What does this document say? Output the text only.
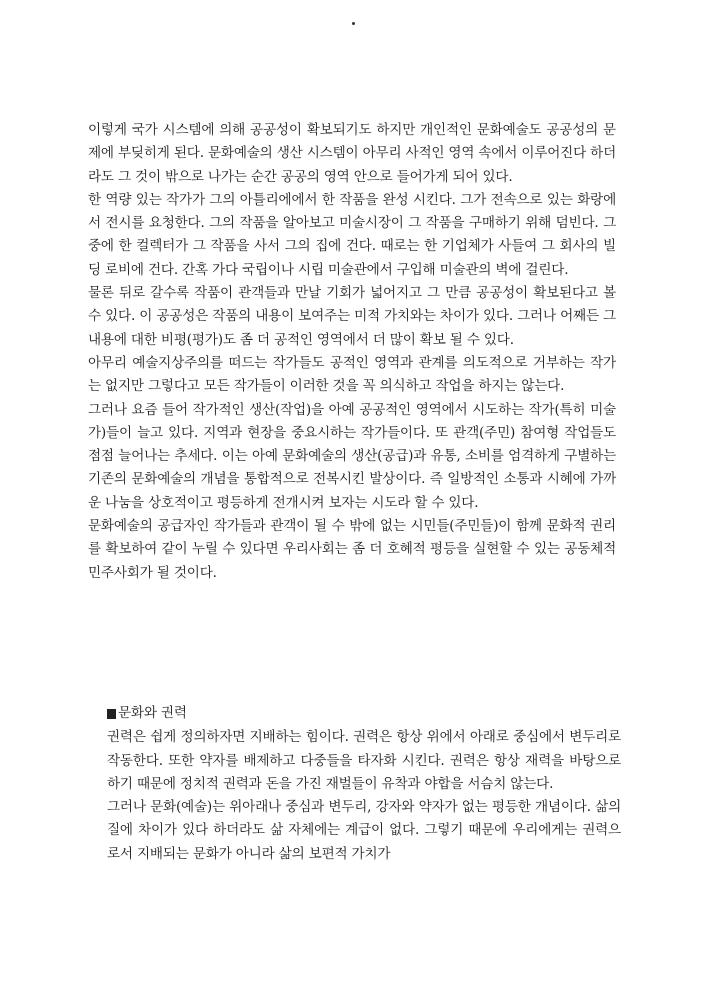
이렇게 국가 시스템에 의해 공공성이 확보되기도 하지만 개인적인 문화예술도 공공성의 문제에 부딪히게 된다. 문화예술의 생산 시스템이 아무리 사적인 영역 속에서 이루어진다 하더라도 그 것이 밖으로 나가는 순간 공공의 영역 안으로 들어가게 되어 있다.

한 역량 있는 작가가 그의 아틀리에에서 한 작품을 완성 시킨다. 그가 전속으로 있는 화랑에서 전시를 요청한다. 그의 작품을 알아보고 미술시장이 그 작품을 구매하기 위해 덤빈다. 그 중에 한 컬렉터가 그 작품을 사서 그의 집에 건다. 때로는 한 기업체가 사들여 그 회사의 빌딩 로비에 건다. 간혹 가다 국립이나 시립 미술관에서 구입해 미술관의 벽에 걸린다.

물론 뒤로 갈수록 작품이 관객들과 만날 기회가 넓어지고 그 만큼 공공성이 확보된다고 볼 수 있다. 이 공공성은 작품의 내용이 보여주는 미적 가치와는 차이가 있다. 그러나 어째든 그 내용에 대한 비평(평가)도 좀 더 공적인 영역에서 더 많이 확보 될 수 있다.

아무리 예술지상주의를 떠드는 작가들도 공적인 영역과 관계를 의도적으로 거부하는 작가는 없지만 그렇다고 모든 작가들이 이러한 것을 꼭 의식하고 작업을 하지는 않는다.

그러나 요즘 들어 작가적인 생산(작업)을 아예 공공적인 영역에서 시도하는 작가(특히 미술가)들이 늘고 있다. 지역과 현장을 중요시하는 작가들이다. 또 관객(주민) 참여형 작업들도 점점 늘어나는 추세다. 이는 아예 문화예술의 생산(공급)과 유통, 소비를 엄격하게 구별하는 기존의 문화예술의 개념을 통합적으로 전복시킨 발상이다. 즉 일방적인 소통과 시혜에 가까운 나눔을 상호적이고 평등하게 전개시켜 보자는 시도라 할 수 있다.

문화예술의 공급자인 작가들과 관객이 될 수 밖에 없는 시민들(주민들)이 함께 문화적 권리를 확보하여 같이 누릴 수 있다면 우리사회는 좀 더 호혜적 평등을 실현할 수 있는 공동체적 민주사회가 될 것이다.

문화와 권력

권력은 쉽게 정의하자면 지배하는 힘이다. 권력은 항상 위에서 아래로 중심에서 변두리로 작동한다. 또한 약자를 배제하고 다중들을 타자화 시킨다. 권력은 항상 재력을 바탕으로 하기 때문에 정치적 권력과 돈을 가진 재벌들이 유착과 야합을 서슴치 않는다.

그러나 문화(예술)는 위아래나 중심과 변두리, 강자와 약자가 없는 평등한 개념이다. 삶의 질에 차이가 있다 하더라도 삶 자체에는 계급이 없다. 그렇기 때문에 우리에게는 권력으로서 지배되는 문화가 아니라 삶의 보편적 가치가
